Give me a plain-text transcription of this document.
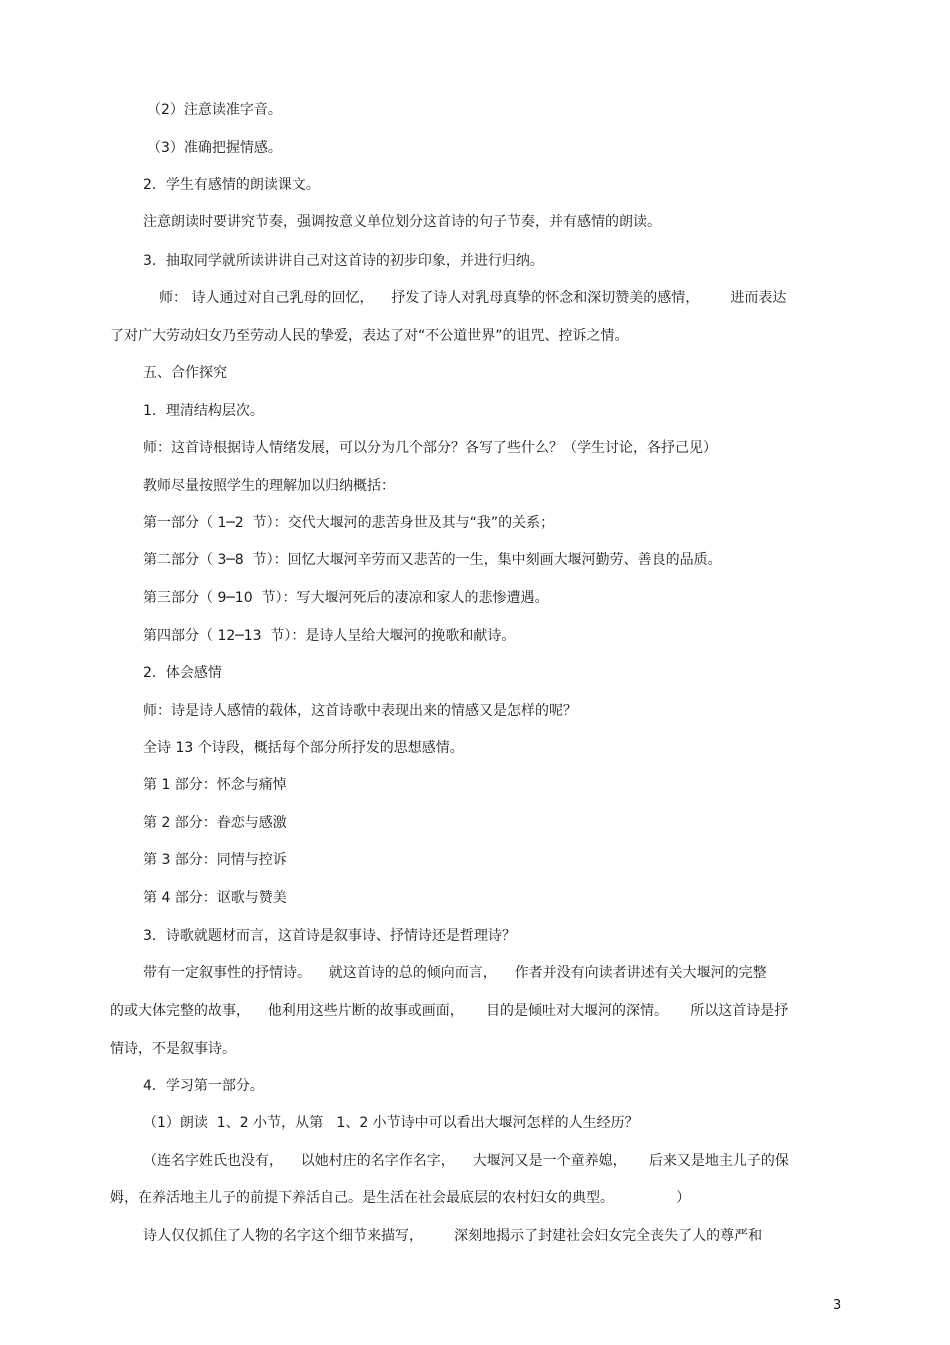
（2）注意读准字音。
（3）准确把握情感。
2．学生有感情的朗读课文。
注意朗读时要讲究节奏，强调按意义单位划分这首诗的句子节奏，并有感情的朗读。
3．抽取同学就所读讲讲自己对这首诗的初步印象，并进行归纳。
师： 诗人通过对自己乳母的回忆，    抒发了诗人对乳母真挚的怀念和深切赞美的感情，       进而表达
了对广大劳动妇女乃至劳动人民的挚爱，表达了对“不公道世界”的诅咒、控诉之情。
五、合作探究
1．理清结构层次。
师：这首诗根据诗人情绪发展，可以分为几个部分？各写了些什么？（学生讨论，各抒己见）
教师尽量按照学生的理解加以归纳概括：
第一部分（ 1─2  节）：交代大堰河的悲苦身世及其与“我”的关系；
第二部分（ 3─8  节）：回忆大堰河辛劳而又悲苦的一生，集中刻画大堰河勤劳、善良的品质。
第三部分（ 9─10  节）：写大堰河死后的凄凉和家人的悲惨遭遇。
第四部分（ 12─13  节）：是诗人呈给大堰河的挽歌和献诗。
2．体会感情
师：诗是诗人感情的载体，这首诗歌中表现出来的情感又是怎样的呢？
全诗 13 个诗段，概括每个部分所抒发的思想感情。
第 1 部分：怀念与痛悼
第 2 部分：眷恋与感激
第 3 部分：同情与控诉
第 4 部分：讴歌与赞美
3．诗歌就题材而言，这首诗是叙事诗、抒情诗还是哲理诗？
带有一定叙事性的抒情诗。    就这首诗的总的倾向而言，    作者并没有向读者讲述有关大堰河的完整
的或大体完整的故事，    他利用这些片断的故事或画面，     目的是倾吐对大堰河的深情。     所以这首诗是抒
情诗，不是叙事诗。
4．学习第一部分。
（1）朗读  1、2 小节，从第   1、2 小节诗中可以看出大堰河怎样的人生经历？
（连名字姓氏也没有，    以她村庄的名字作名字，    大堰河又是一个童养媳，     后来又是地主儿子的保
姆，在养活地主儿子的前提下养活自己。是生活在社会最底层的农村妇女的典型。              ）
诗人仅仅抓住了人物的名字这个细节来描写，       深刻地揭示了封建社会妇女完全丧失了人的尊严和
3
